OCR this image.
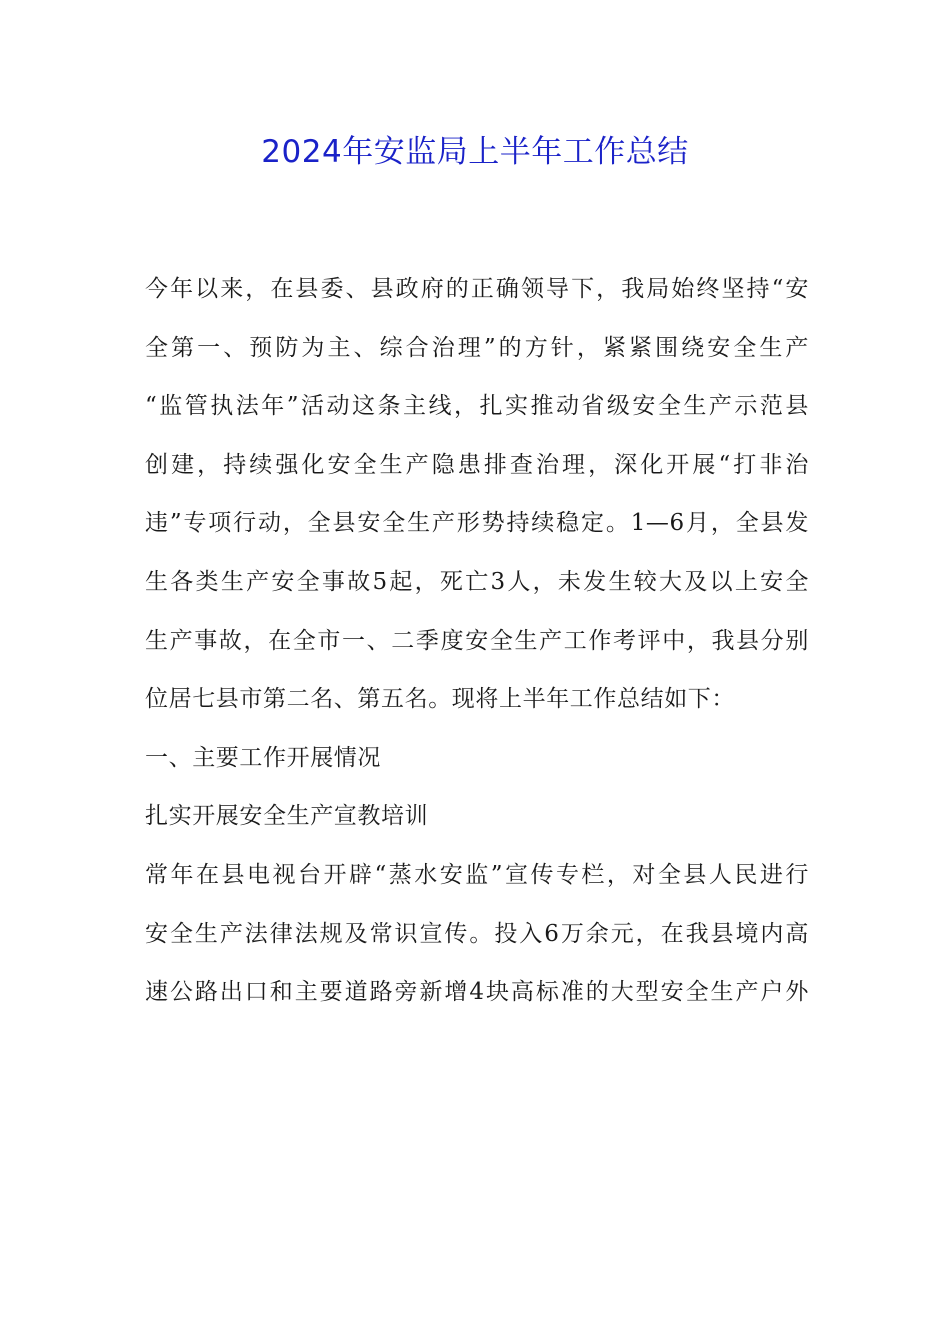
2024年安监局上半年工作总结
今年以来，在县委、县政府的正确领导下，我局始终坚持“安
全第一、预防为主、综合治理”的方针，紧紧围绕安全生产
“监管执法年”活动这条主线，扎实推动省级安全生产示范县
创建，持续强化安全生产隐患排查治理，深化开展“打非治
违”专项行动，全县安全生产形势持续稳定。1—6月，全县发
生各类生产安全事故5起，死亡3人，未发生较大及以上安全
生产事故，在全市一、二季度安全生产工作考评中，我县分别
位居七县市第二名、第五名。现将上半年工作总结如下：
一、主要工作开展情况
扎实开展安全生产宣教培训
常年在县电视台开辟“蒸水安监”宣传专栏，对全县人民进行
安全生产法律法规及常识宣传。投入6万余元，在我县境内高
速公路出口和主要道路旁新增4块高标准的大型安全生产户外
